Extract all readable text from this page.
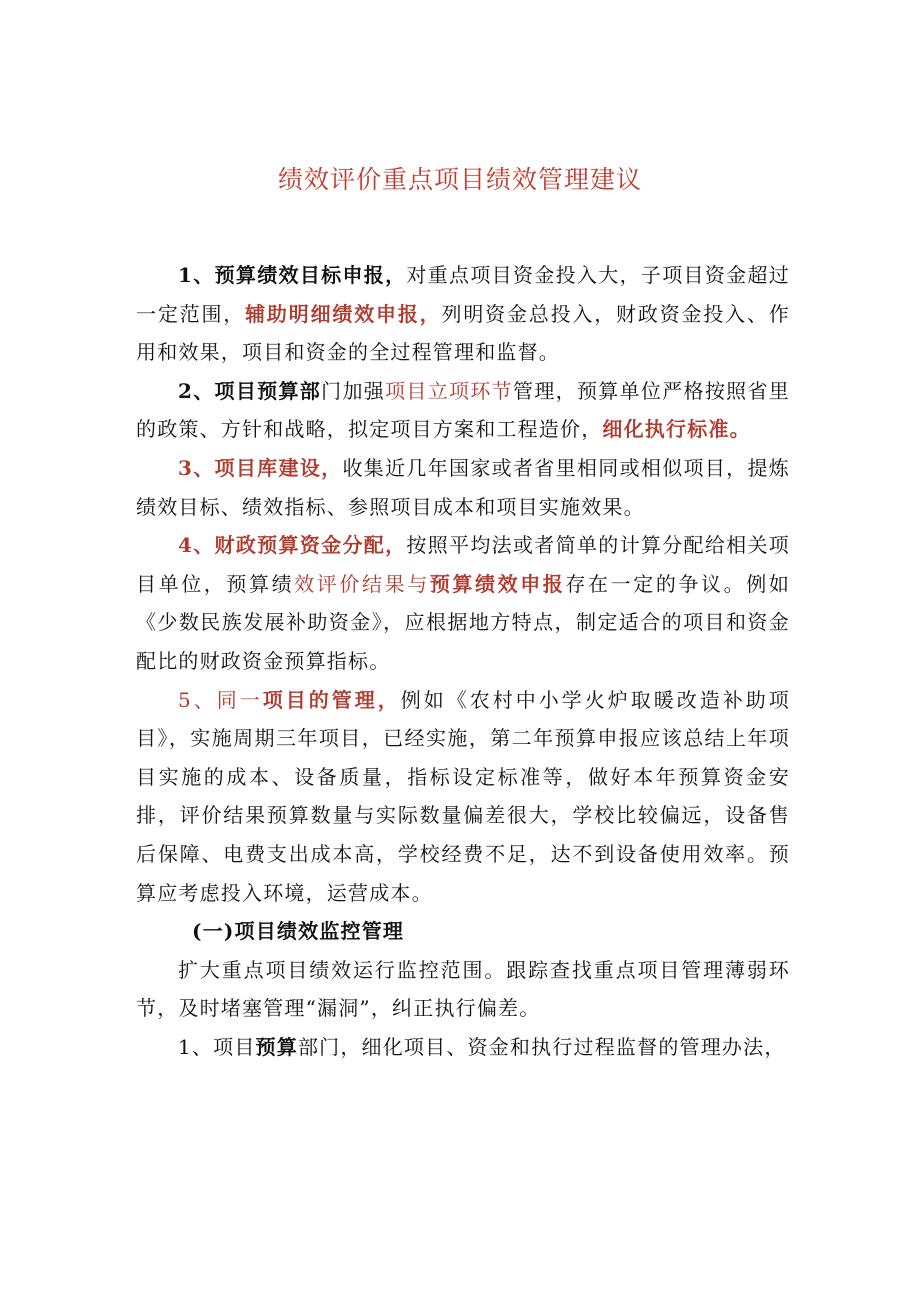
绩效评价重点项目绩效管理建议

1、预算绩效目标申报，对重点项目资金投入大，子项目资金超过一定范围，辅助明细绩效申报，列明资金总投入，财政资金投入、作用和效果，项目和资金的全过程管理和监督。

2、项目预算部门加强项目立项环节管理，预算单位严格按照省里的政策、方针和战略，拟定项目方案和工程造价，细化执行标准。

3、项目库建设，收集近几年国家或者省里相同或相似项目，提炼绩效目标、绩效指标、参照项目成本和项目实施效果。

4、财政预算资金分配，按照平均法或者简单的计算分配给相关项目单位，预算绩效评价结果与预算绩效申报存在一定的争议。例如《少数民族发展补助资金》，应根据地方特点，制定适合的项目和资金配比的财政资金预算指标。

5、同一项目的管理，例如《农村中小学火炉取暖改造补助项目》，实施周期三年项目，已经实施，第二年预算申报应该总结上年项目实施的成本、设备质量，指标设定标准等，做好本年预算资金安排，评价结果预算数量与实际数量偏差很大，学校比较偏远，设备售后保障、电费支出成本高，学校经费不足，达不到设备使用效率。预算应考虑投入环境，运营成本。

(一)项目绩效监控管理

扩大重点项目绩效运行监控范围。跟踪查找重点项目管理薄弱环节，及时堵塞管理“漏洞”，纠正执行偏差。

1、项目预算部门，细化项目、资金和执行过程监督的管理办法，
